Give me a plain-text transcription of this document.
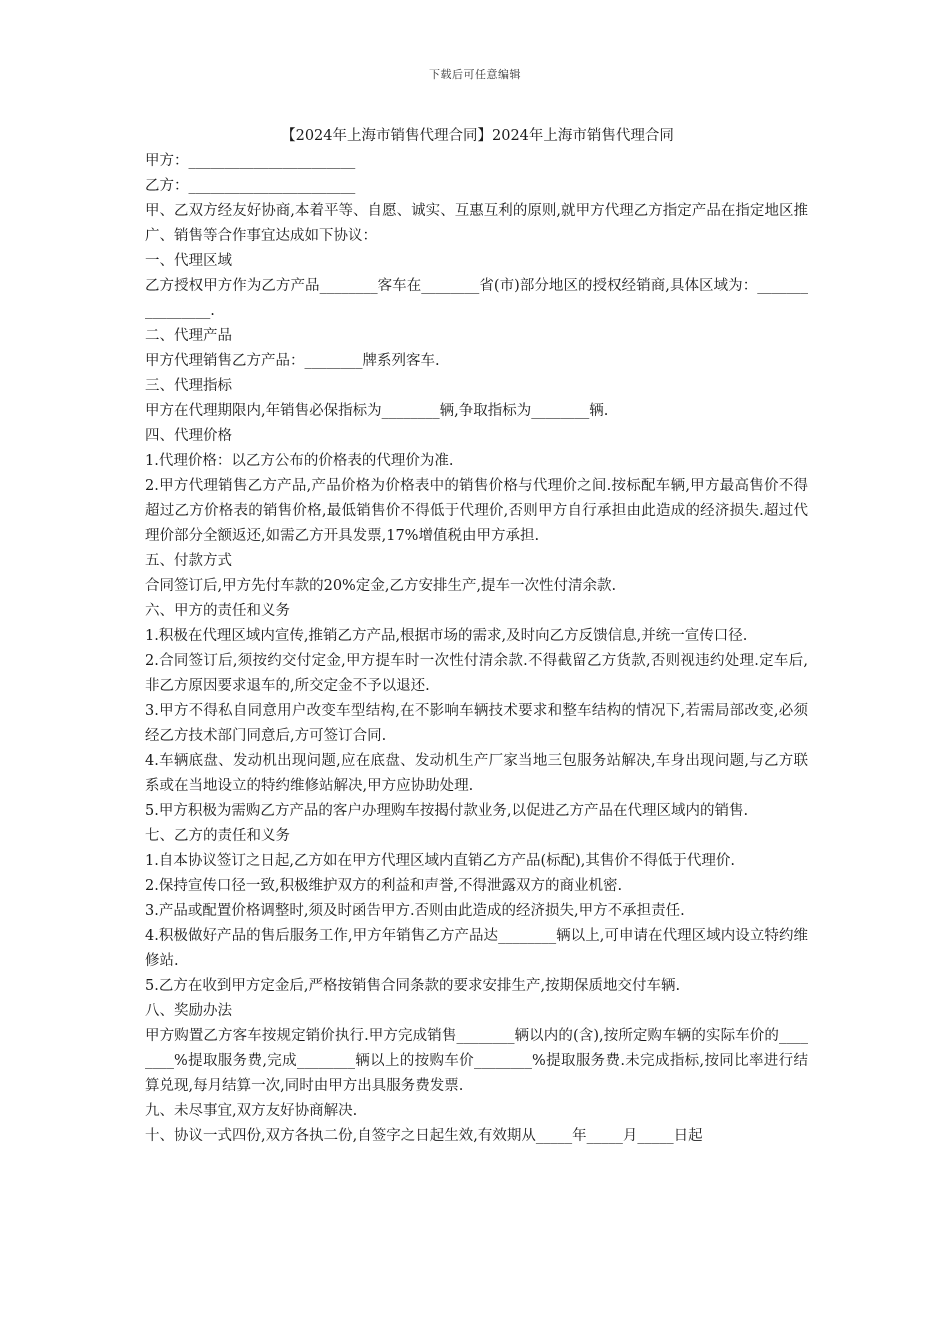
下载后可任意编辑

【2024年上海市销售代理合同】2024年上海市销售代理合同

甲方：_______________________

乙方：_______________________

甲、乙双方经友好协商,本着平等、自愿、诚实、互惠互利的原则,就甲方代理乙方指定产品在指定地区推广、销售等合作事宜达成如下协议：

一、代理区域

乙方授权甲方作为乙方产品________客车在________省(市)部分地区的授权经销商,具体区域为：________________.

二、代理产品

甲方代理销售乙方产品：________牌系列客车.

三、代理指标

甲方在代理期限内,年销售必保指标为________辆,争取指标为________辆.

四、代理价格

1.代理价格：以乙方公布的价格表的代理价为准.

2.甲方代理销售乙方产品,产品价格为价格表中的销售价格与代理价之间.按标配车辆,甲方最高售价不得超过乙方价格表的销售价格,最低销售价不得低于代理价,否则甲方自行承担由此造成的经济损失.超过代理价部分全额返还,如需乙方开具发票,17%增值税由甲方承担.

五、付款方式

合同签订后,甲方先付车款的20%定金,乙方安排生产,提车一次性付清余款.

六、甲方的责任和义务

1.积极在代理区域内宣传,推销乙方产品,根据市场的需求,及时向乙方反馈信息,并统一宣传口径.

2.合同签订后,须按约交付定金,甲方提车时一次性付清余款.不得截留乙方货款,否则视违约处理.定车后,非乙方原因要求退车的,所交定金不予以退还.

3.甲方不得私自同意用户改变车型结构,在不影响车辆技术要求和整车结构的情况下,若需局部改变,必须经乙方技术部门同意后,方可签订合同.

4.车辆底盘、发动机出现问题,应在底盘、发动机生产厂家当地三包服务站解决,车身出现问题,与乙方联系或在当地设立的特约维修站解决,甲方应协助处理.

5.甲方积极为需购乙方产品的客户办理购车按揭付款业务,以促进乙方产品在代理区域内的销售.

七、乙方的责任和义务

1.自本协议签订之日起,乙方如在甲方代理区域内直销乙方产品(标配),其售价不得低于代理价.

2.保持宣传口径一致,积极维护双方的利益和声誉,不得泄露双方的商业机密.

3.产品或配置价格调整时,须及时函告甲方.否则由此造成的经济损失,甲方不承担责任.

4.积极做好产品的售后服务工作,甲方年销售乙方产品达________辆以上,可申请在代理区域内设立特约维修站.

5.乙方在收到甲方定金后,严格按销售合同条款的要求安排生产,按期保质地交付车辆.

八、奖励办法

甲方购置乙方客车按规定销价执行.甲方完成销售________辆以内的(含),按所定购车辆的实际车价的________%提取服务费,完成________辆以上的按购车价________%提取服务费.未完成指标,按同比率进行结算兑现,每月结算一次,同时由甲方出具服务费发票.

九、未尽事宜,双方友好协商解决.

十、协议一式四份,双方各执二份,自签字之日起生效,有效期从_____年_____月_____日起
